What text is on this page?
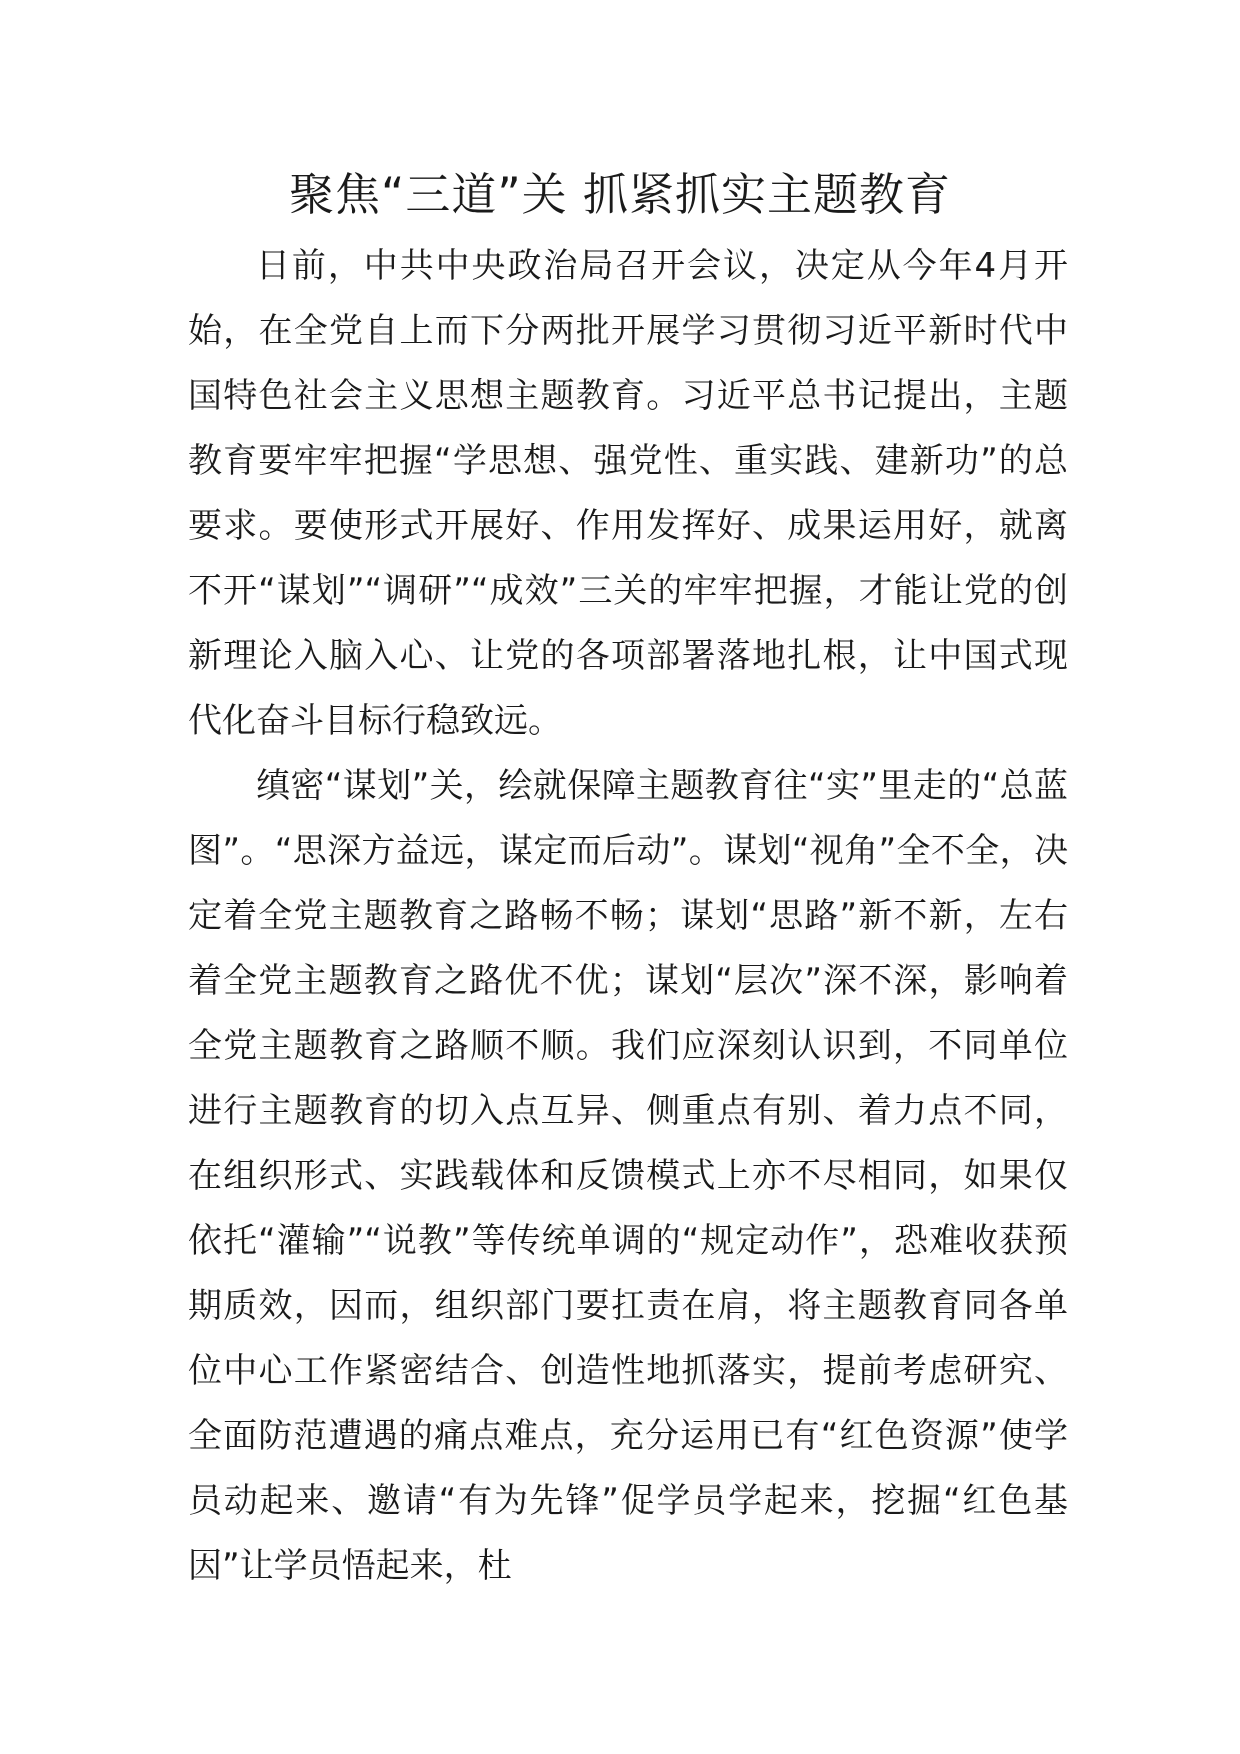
聚焦“三道”关 抓紧抓实主题教育

日前，中共中央政治局召开会议，决定从今年4月开始，在全党自上而下分两批开展学习贯彻习近平新时代中国特色社会主义思想主题教育。习近平总书记提出，主题教育要牢牢把握“学思想、强党性、重实践、建新功”的总要求。要使形式开展好、作用发挥好、成果运用好，就离不开“谋划”“调研”“成效”三关的牢牢把握，才能让党的创新理论入脑入心、让党的各项部署落地扎根，让中国式现代化奋斗目标行稳致远。

缜密“谋划”关，绘就保障主题教育往“实”里走的“总蓝图”。“思深方益远，谋定而后动”。谋划“视角”全不全，决定着全党主题教育之路畅不畅；谋划“思路”新不新，左右着全党主题教育之路优不优；谋划“层次”深不深，影响着全党主题教育之路顺不顺。我们应深刻认识到，不同单位进行主题教育的切入点互异、侧重点有别、着力点不同，在组织形式、实践载体和反馈模式上亦不尽相同，如果仅依托“灌输”“说教”等传统单调的“规定动作”，恐难收获预期质效，因而，组织部门要扛责在肩，将主题教育同各单位中心工作紧密结合、创造性地抓落实，提前考虑研究、全面防范遭遇的痛点难点，充分运用已有“红色资源”使学员动起来、邀请“有为先锋”促学员学起来，挖掘“红色基因”让学员悟起来，杜
